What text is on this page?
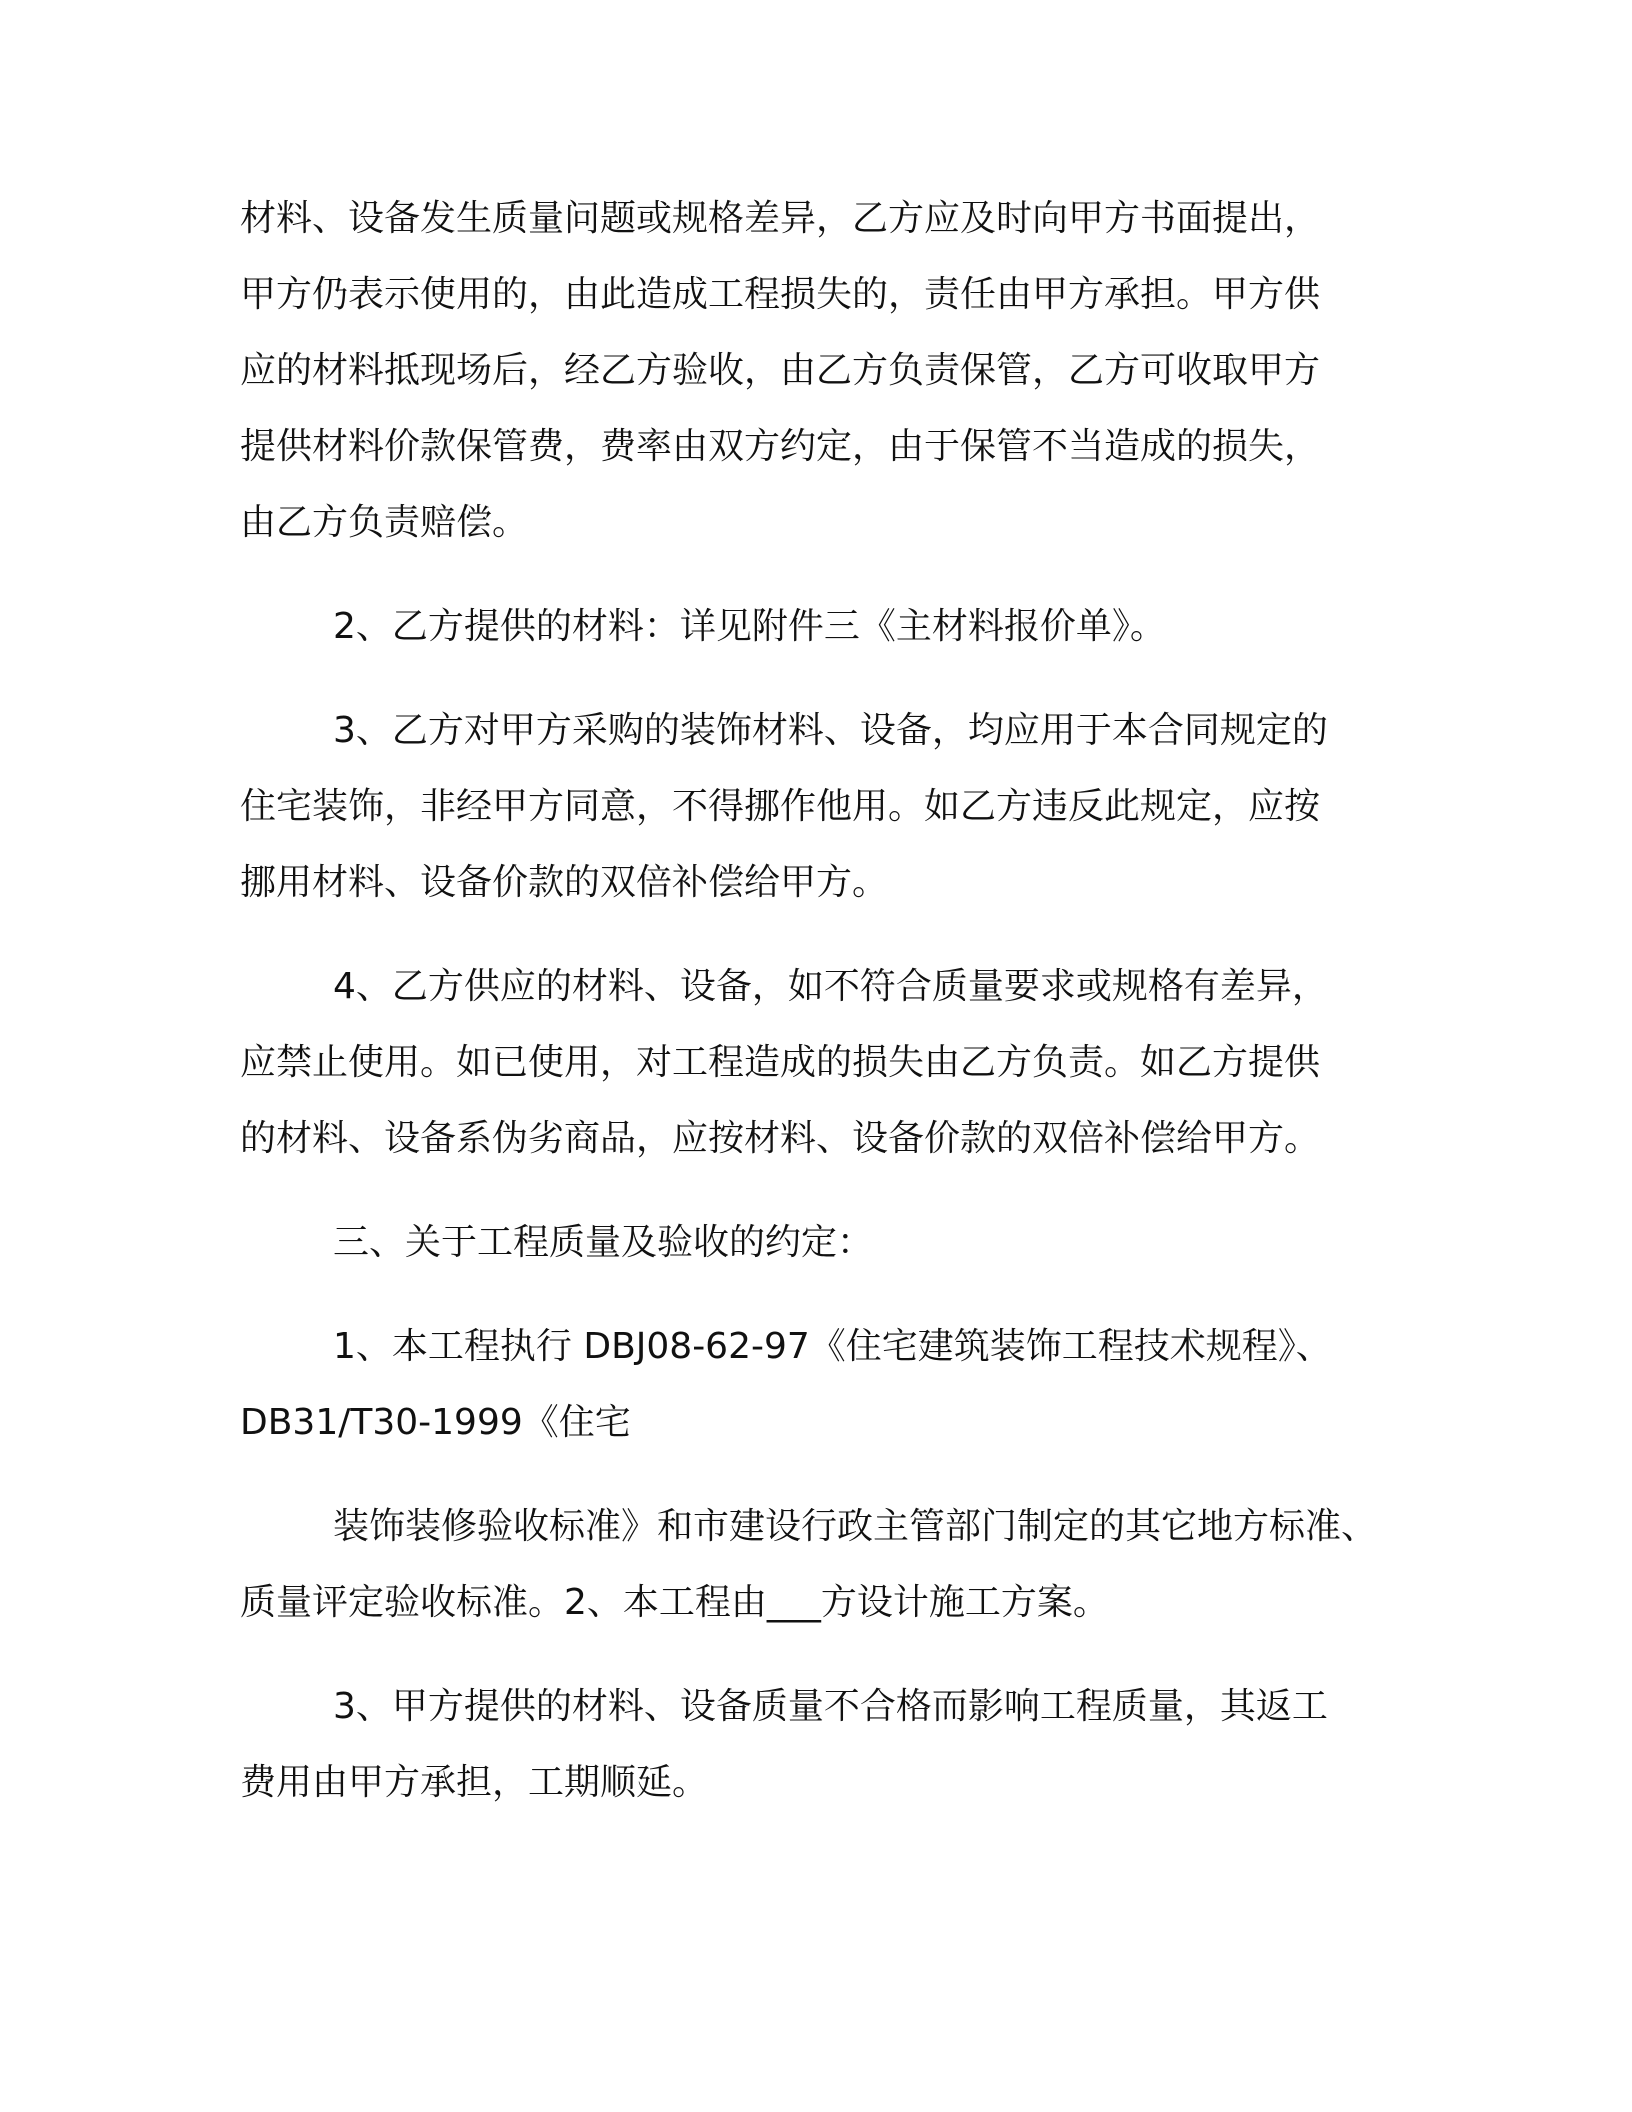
材料、设备发生质量问题或规格差异，乙方应及时向甲方书面提出，
甲方仍表示使用的，由此造成工程损失的，责任由甲方承担。甲方供
应的材料抵现场后，经乙方验收，由乙方负责保管，乙方可收取甲方
提供材料价款保管费，费率由双方约定，由于保管不当造成的损失，
由乙方负责赔偿。
2、乙方提供的材料：详见附件三《主材料报价单》。
3、乙方对甲方采购的装饰材料、设备，均应用于本合同规定的
住宅装饰，非经甲方同意，不得挪作他用。如乙方违反此规定，应按
挪用材料、设备价款的双倍补偿给甲方。
4、乙方供应的材料、设备，如不符合质量要求或规格有差异，
应禁止使用。如已使用，对工程造成的损失由乙方负责。如乙方提供
的材料、设备系伪劣商品，应按材料、设备价款的双倍补偿给甲方。
三、关于工程质量及验收的约定：
1、本工程执行 DBJ08-62-97《住宅建筑装饰工程技术规程》、
DB31/T30-1999《住宅
装饰装修验收标准》和市建设行政主管部门制定的其它地方标准、
质量评定验收标准。2、本工程由___方设计施工方案。
3、甲方提供的材料、设备质量不合格而影响工程质量，其返工
费用由甲方承担，工期顺延。
